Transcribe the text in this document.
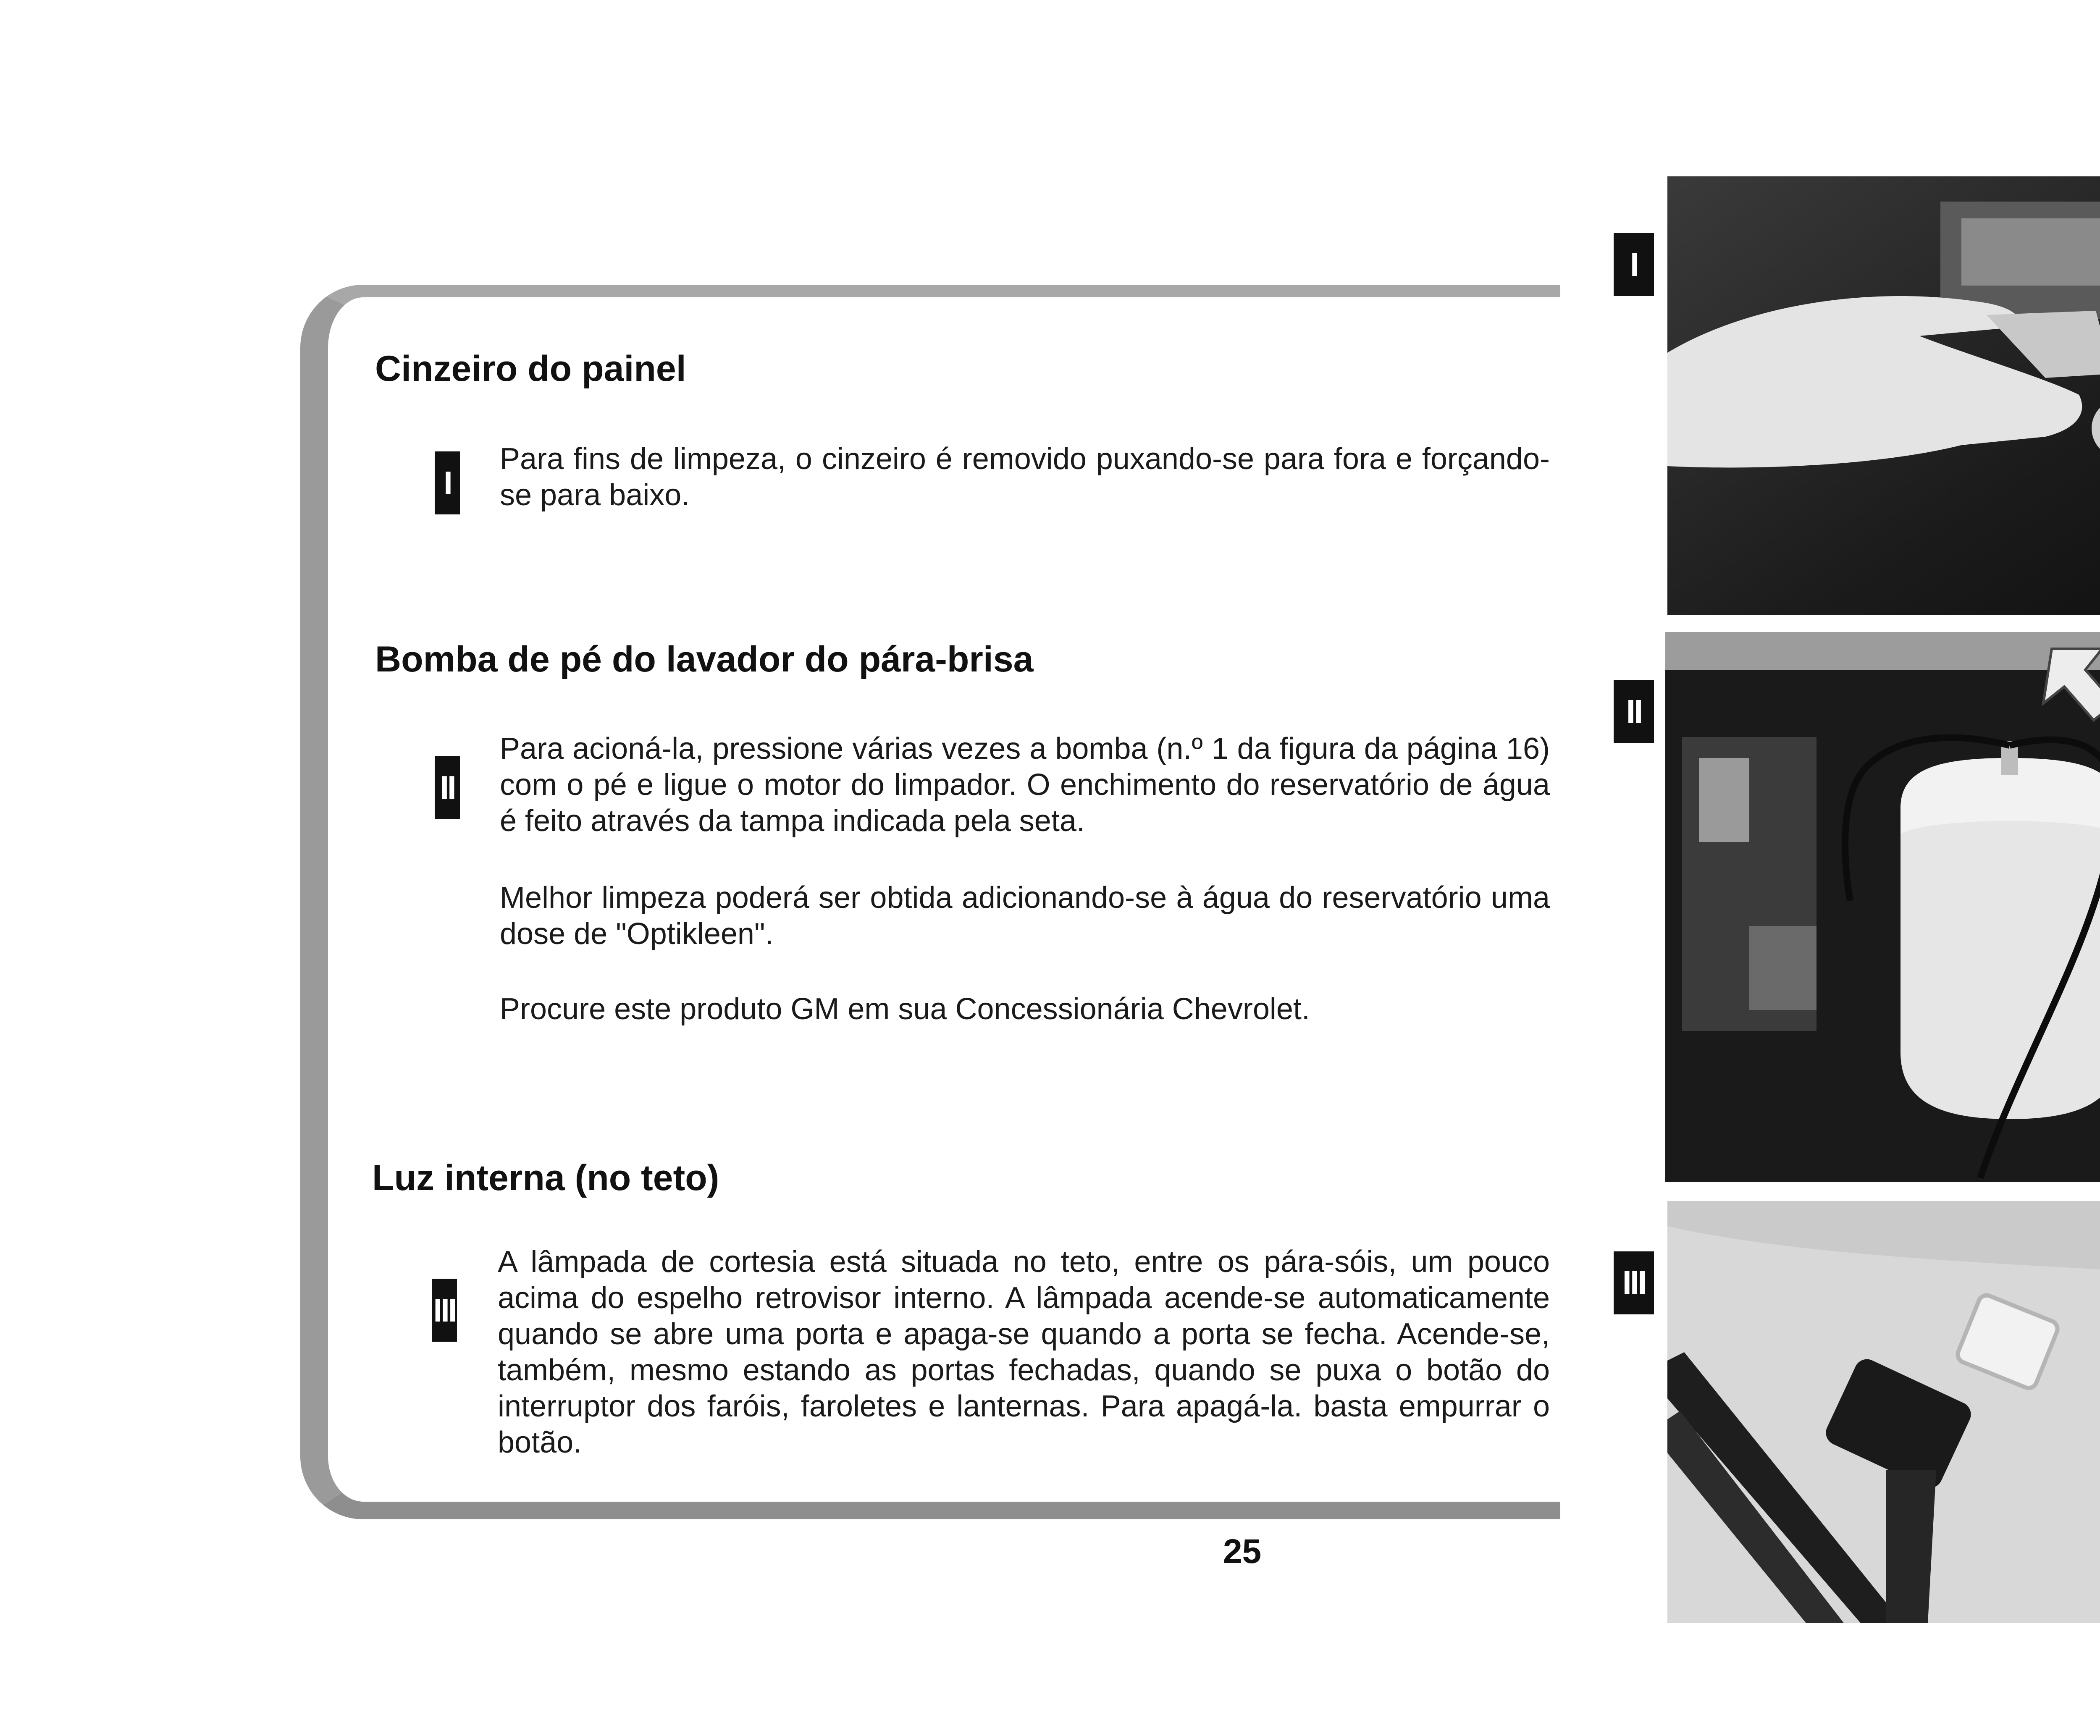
Cinzeiro do painel
I

Para fins de limpeza, o cinzeiro é removido puxando-se para fora e forçando-se para baixo.

Bomba de pé do lavador do pára-brisa
II

Para acioná-la, pressione várias vezes a bomba (n.º 1 da figura da página 16) com o pé e ligue o motor do limpador. O enchimento do reservatório de água é feito através da tampa indicada pela seta.

Melhor limpeza poderá ser obtida adicionando-se à água do reservatório uma dose de "Optikleen".

Procure este produto GM em sua Concessionária Chevrolet.

Luz interna (no teto)
III

A lâmpada de cortesia está situada no teto, entre os pára-sóis, um pouco acima do espelho retrovisor interno. A lâmpada acende-se automaticamente quando se abre uma porta e apaga-se quando a porta se fecha. Acende-se, também, mesmo estando as portas fechadas, quando se puxa o botão do interruptor dos faróis, faroletes e lanternas. Para apagá-la. basta empurrar o botão.

25
I
II
III
